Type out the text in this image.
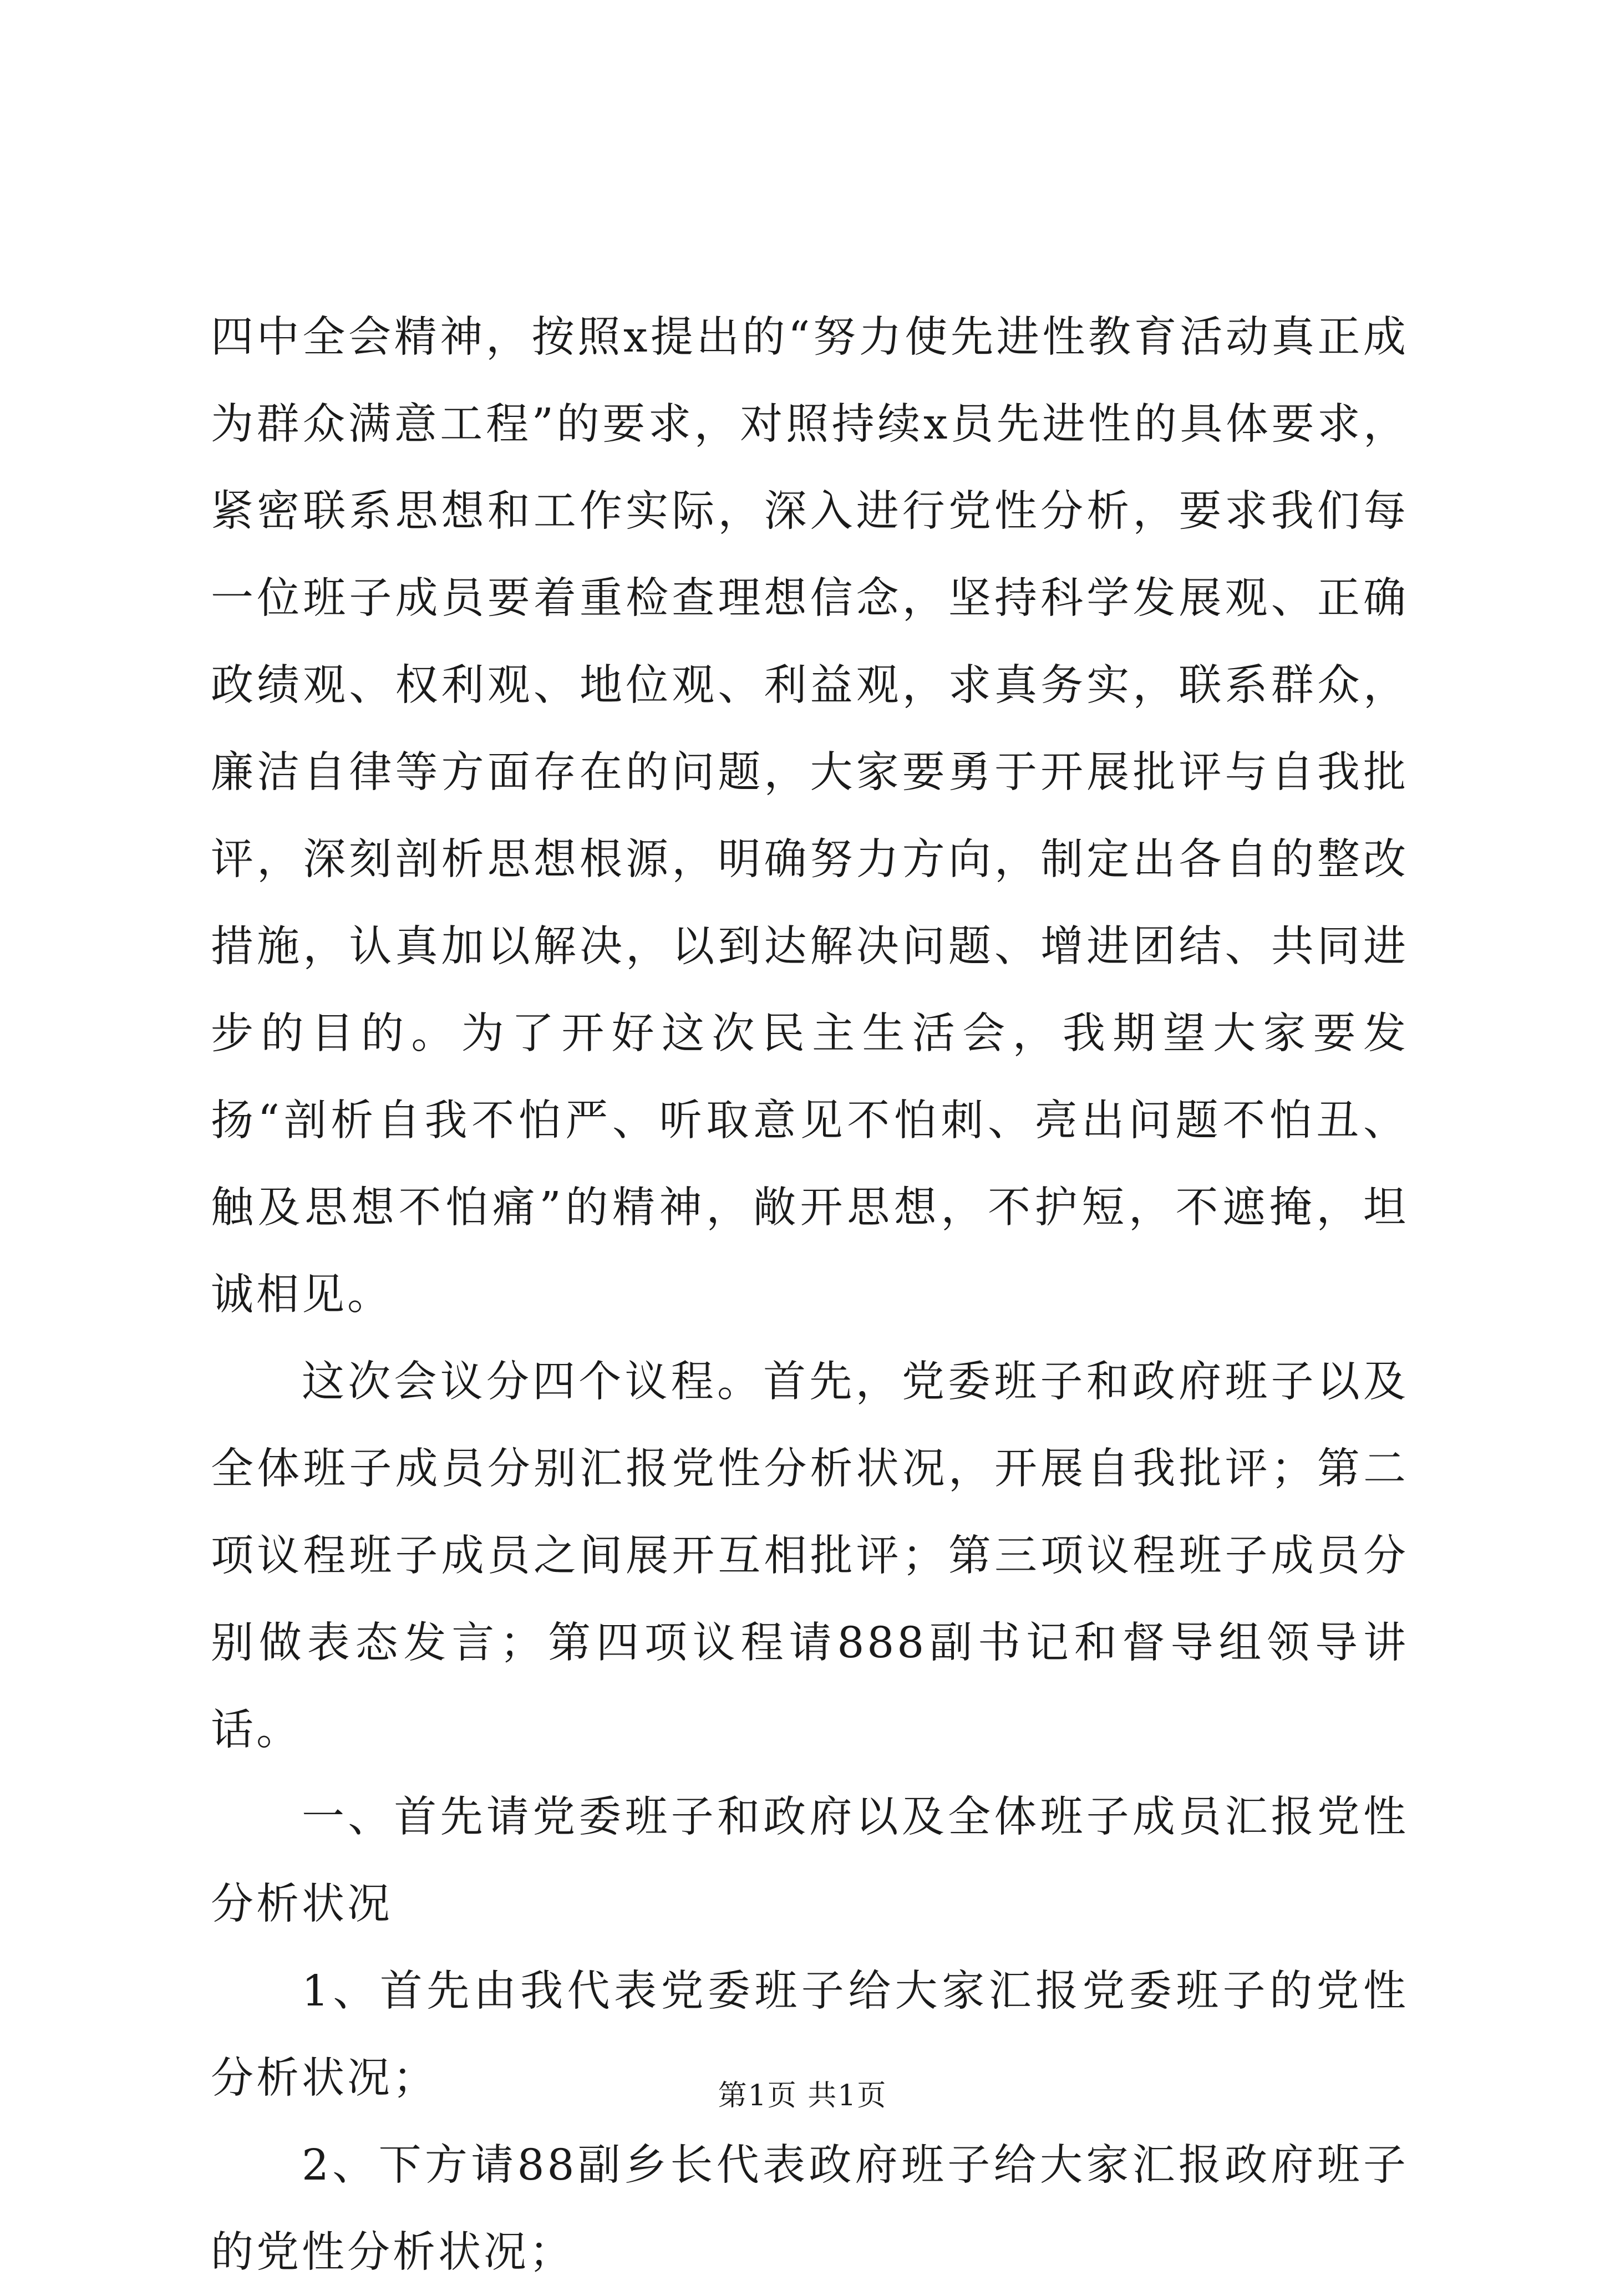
四中全会精神，按照x提出的“努力使先进性教育活动真正成为群众满意工程”的要求，对照持续x员先进性的具体要求，紧密联系思想和工作实际，深入进行党性分析，要求我们每一位班子成员要着重检查理想信念，坚持科学发展观、正确政绩观、权利观、地位观、利益观，求真务实，联系群众，廉洁自律等方面存在的问题，大家要勇于开展批评与自我批评，深刻剖析思想根源，明确努力方向，制定出各自的整改措施，认真加以解决，以到达解决问题、增进团结、共同进步的目的。为了开好这次民主生活会，我期望大家要发扬“剖析自我不怕严、听取意见不怕刺、亮出问题不怕丑、触及思想不怕痛”的精神，敞开思想，不护短，不遮掩，坦诚相见。

这次会议分四个议程。首先，党委班子和政府班子以及全体班子成员分别汇报党性分析状况，开展自我批评；第二项议程班子成员之间展开互相批评；第三项议程班子成员分别做表态发言；第四项议程请888副书记和督导组领导讲话。

一、首先请党委班子和政府以及全体班子成员汇报党性分析状况

1、首先由我代表党委班子给大家汇报党委班子的党性分析状况；

2、下方请88副乡长代表政府班子给大家汇报政府班子的党性分析状况；

第1页 共1页
